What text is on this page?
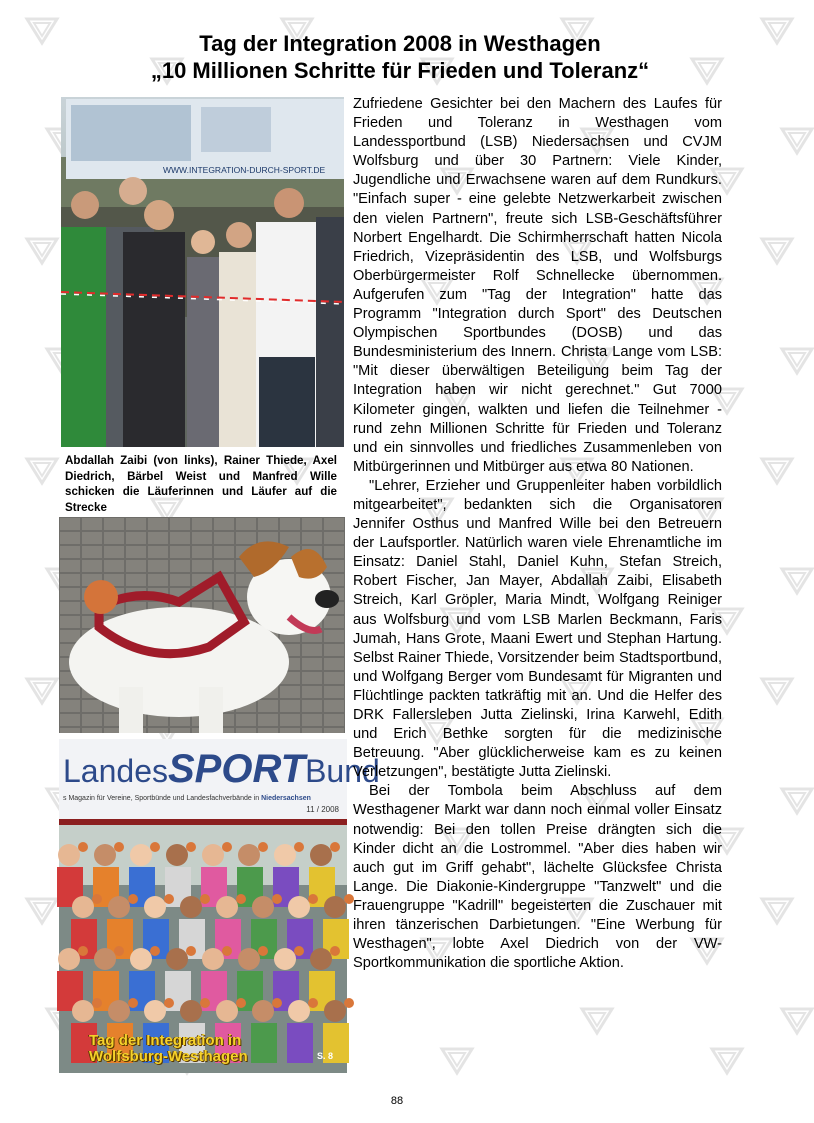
Tag der Integration 2008 in Westhagen
„10 Millionen Schritte für Frieden und Toleranz“
WWW.INTEGRATION-DURCH-SPORT.DE
Abdallah Zaibi (von links), Rainer Thiede, Axel Diedrich, Bärbel Weist und Manfred Wille schicken die Läuferinnen und Läufer auf die Strecke
LandesSPORTBund
s Magazin für Vereine, Sportbünde und Landesfachverbände in Niedersachsen
11 / 2008
Tag der Integration in
Wolfsburg-Westhagen	S. 8

Zufriedene Gesichter bei den Machern des Laufes für Frieden und Toleranz in Westhagen vom Landessportbund (LSB) Niedersachsen und CVJM Wolfsburg und über 30 Partnern: Viele Kinder, Jugendliche und Erwachsene waren auf dem Rundkurs. "Einfach super - eine gelebte Netzwerkarbeit zwischen den vielen Partnern", freute sich LSB-Geschäftsführer Norbert Engelhardt. Die Schirmherrschaft hatten Nicola Friedrich, Vizepräsidentin des LSB, und Wolfsburgs Oberbürgermeister Rolf Schnellecke übernommen. Aufgerufen zum "Tag der Integration" hatte das Programm "Integration durch Sport" des Deutschen Olympischen Sportbundes (DOSB) und das Bundesministerium des Innern. Christa Lange vom LSB: "Mit dieser überwältigen Beteiligung beim Tag der Integration haben wir nicht gerechnet." Gut 7000 Kilometer gingen, walkten und liefen die Teilnehmer - rund zehn Millionen Schritte für Frieden und Toleranz und ein sinnvolles und friedliches Zusammenleben von Mitbürgerinnen und Mitbürger aus etwa 80 Nationen.

"Lehrer, Erzieher und Gruppenleiter haben vorbildlich mitgearbeitet", bedankten sich die Organisatoren Jennifer Osthus und Manfred Wille bei den Betreuern der Laufsportler. Natürlich waren viele Ehrenamtliche im Einsatz: Daniel Stahl, Daniel Kuhn, Stefan Streich, Robert Fischer, Jan Mayer, Abdallah Zaibi, Elisabeth Streich, Karl Gröpler, Maria Mindt, Wolfgang Reiniger aus Wolfsburg und vom LSB Marlen Beckmann, Faris Jumah, Hans Grote, Maani Ewert und Stephan Hartung. Selbst Rainer Thiede, Vorsitzender beim Stadtsportbund, und Wolfgang Berger vom Bundesamt für Migranten und Flüchtlinge packten tatkräftig mit an. Und die Helfer des DRK Fallersleben Jutta Zielinski, Irina Karwehl, Edith und Erich Bethke sorgten für die medizinische Betreuung. "Aber glücklicherweise kam es zu keinen Verletzungen", bestätigte Jutta Zielinski.

Bei der Tombola beim Abschluss auf dem Westhagener Markt war dann noch einmal voller Einsatz notwendig: Bei den tollen Preise drängten sich die Kinder dicht an die Lostrommel. "Aber dies haben wir auch gut im Griff gehabt", lächelte Glücksfee Christa Lange. Die Diakonie-Kindergruppe "Tanzwelt" und die Frauengruppe "Kadrill" begeisterten die Zuschauer mit ihren tänzerischen Darbietungen. "Eine Werbung für Westhagen", lobte Axel Diedrich von der VW-Sportkommunikation die sportliche Aktion.

88
